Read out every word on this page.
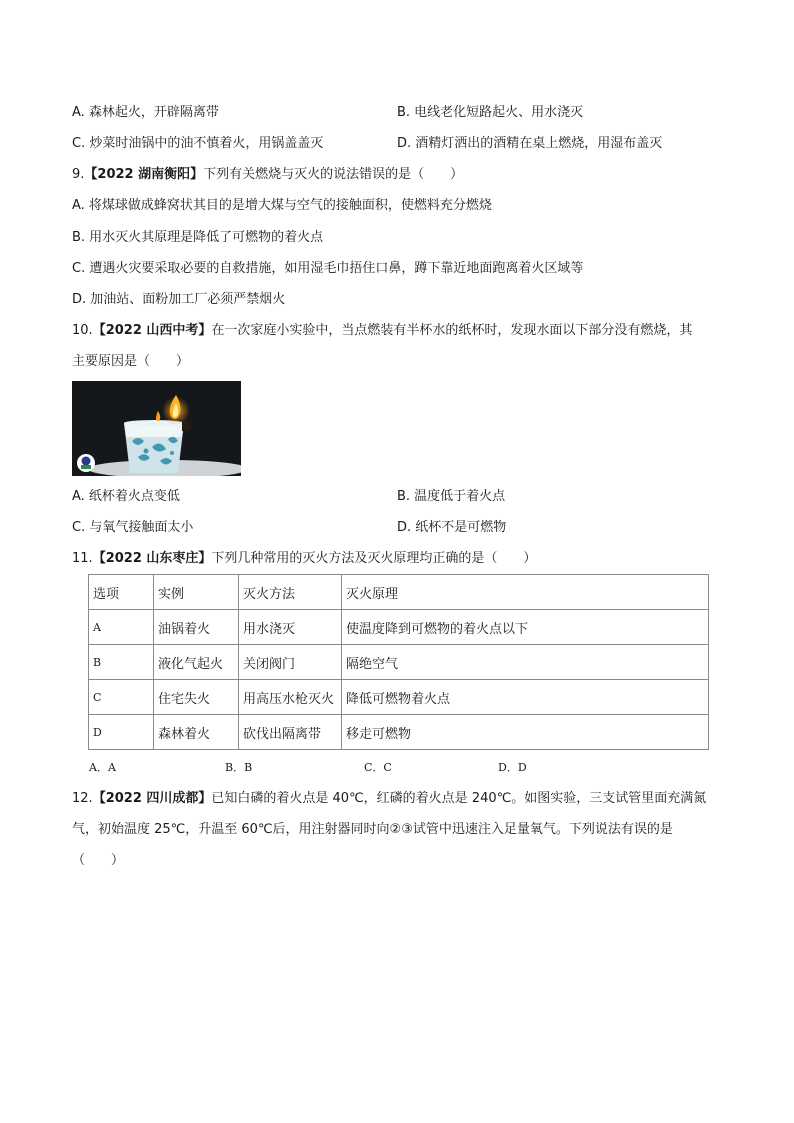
A. 森林起火，开辟隔离带	B. 电线老化短路起火、用水浇灭
C. 炒菜时油锅中的油不慎着火，用锅盖盖灭	D. 酒精灯洒出的酒精在桌上燃烧，用湿布盖灭
9.【2022 湖南衡阳】下列有关燃烧与灭火的说法错误的是（　　）
A. 将煤球做成蜂窝状其目的是增大煤与空气的接触面积，使燃料充分燃烧
B. 用水灭火其原理是降低了可燃物的着火点
C. 遭遇火灾要采取必要的自救措施，如用湿毛巾捂住口鼻，蹲下靠近地面跑离着火区域等
D. 加油站、面粉加工厂必须严禁烟火
10.【2022 山西中考】在一次家庭小实验中，当点燃装有半杯水的纸杯时，发现水面以下部分没有燃烧，其
主要原因是（　　）
A. 纸杯着火点变低	B. 温度低于着火点
C. 与氧气接触面太小	D. 纸杯不是可燃物
11.【2022 山东枣庄】下列几种常用的灭火方法及灭火原理均正确的是（　　）
选项	实例	灭火方法	灭火原理
A	油锅着火	用水浇灭	使温度降到可燃物的着火点以下
B	液化气起火	关闭阀门	隔绝空气
C	住宅失火	用高压水枪灭火	降低可燃物着火点
D	森林着火	砍伐出隔离带	移走可燃物
A．A	B．B	C．C	D．D
12.【2022 四川成都】已知白磷的着火点是 40℃，红磷的着火点是 240℃。如图实验，三支试管里面充满氮
气，初始温度 25℃，升温至 60℃后，用注射器同时向②③试管中迅速注入足量氧气。下列说法有误的是
（　　）
